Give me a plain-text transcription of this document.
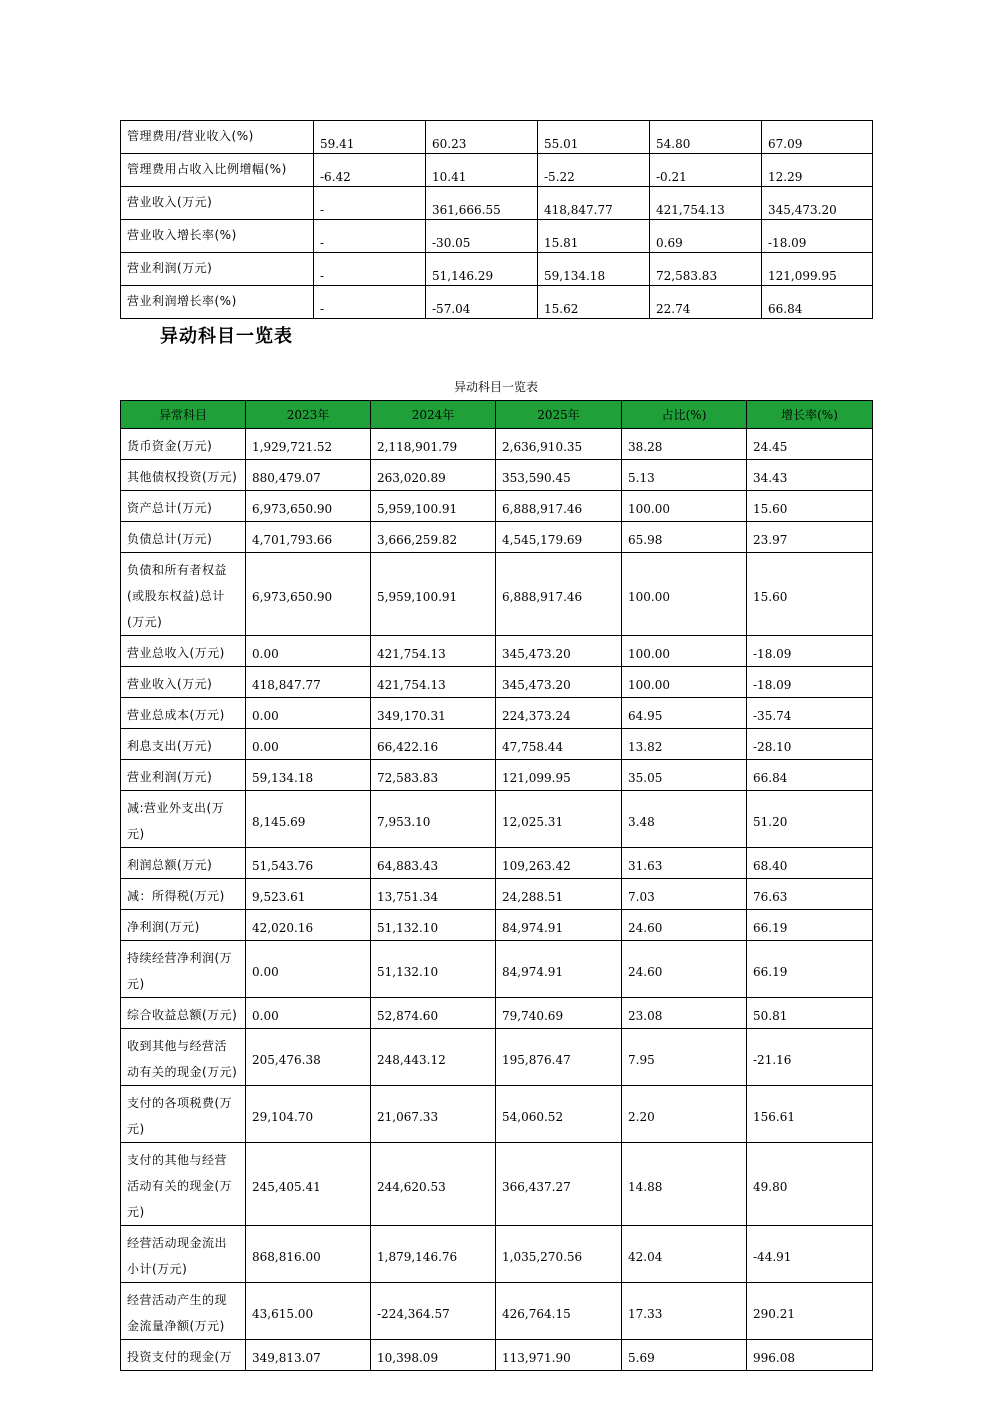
管理费用/营业收入(%)	59.41	60.23	55.01	54.80	67.09
管理费用占收入比例增幅(%)	-6.42	10.41	-5.22	-0.21	12.29
营业收入(万元)	-	361,666.55	418,847.77	421,754.13	345,473.20
营业收入增长率(%)	-	-30.05	15.81	0.69	-18.09
营业利润(万元)	-	51,146.29	59,134.18	72,583.83	121,099.95
营业利润增长率(%)	-	-57.04	15.62	22.74	66.84
异动科目一览表
异动科目一览表
异常科目	2023年	2024年	2025年	占比(%)	增长率(%)
货币资金(万元)	1,929,721.52	2,118,901.79	2,636,910.35	38.28	24.45
其他债权投资(万元)	880,479.07	263,020.89	353,590.45	5.13	34.43
资产总计(万元)	6,973,650.90	5,959,100.91	6,888,917.46	100.00	15.60
负债总计(万元)	4,701,793.66	3,666,259.82	4,545,179.69	65.98	23.97
负债和所有者权益(或股东权益)总计(万元)	6,973,650.90	5,959,100.91	6,888,917.46	100.00	15.60
营业总收入(万元)	0.00	421,754.13	345,473.20	100.00	-18.09
营业收入(万元)	418,847.77	421,754.13	345,473.20	100.00	-18.09
营业总成本(万元)	0.00	349,170.31	224,373.24	64.95	-35.74
利息支出(万元)	0.00	66,422.16	47,758.44	13.82	-28.10
营业利润(万元)	59,134.18	72,583.83	121,099.95	35.05	66.84
减:营业外支出(万元)	8,145.69	7,953.10	12,025.31	3.48	51.20
利润总额(万元)	51,543.76	64,883.43	109,263.42	31.63	68.40
减：所得税(万元)	9,523.61	13,751.34	24,288.51	7.03	76.63
净利润(万元)	42,020.16	51,132.10	84,974.91	24.60	66.19
持续经营净利润(万元)	0.00	51,132.10	84,974.91	24.60	66.19
综合收益总额(万元)	0.00	52,874.60	79,740.69	23.08	50.81
收到其他与经营活动有关的现金(万元)	205,476.38	248,443.12	195,876.47	7.95	-21.16
支付的各项税费(万元)	29,104.70	21,067.33	54,060.52	2.20	156.61
支付的其他与经营活动有关的现金(万元)	245,405.41	244,620.53	366,437.27	14.88	49.80
经营活动现金流出小计(万元)	868,816.00	1,879,146.76	1,035,270.56	42.04	-44.91
经营活动产生的现金流量净额(万元)	43,615.00	-224,364.57	426,764.15	17.33	290.21
投资支付的现金(万	349,813.07	10,398.09	113,971.90	5.69	996.08
